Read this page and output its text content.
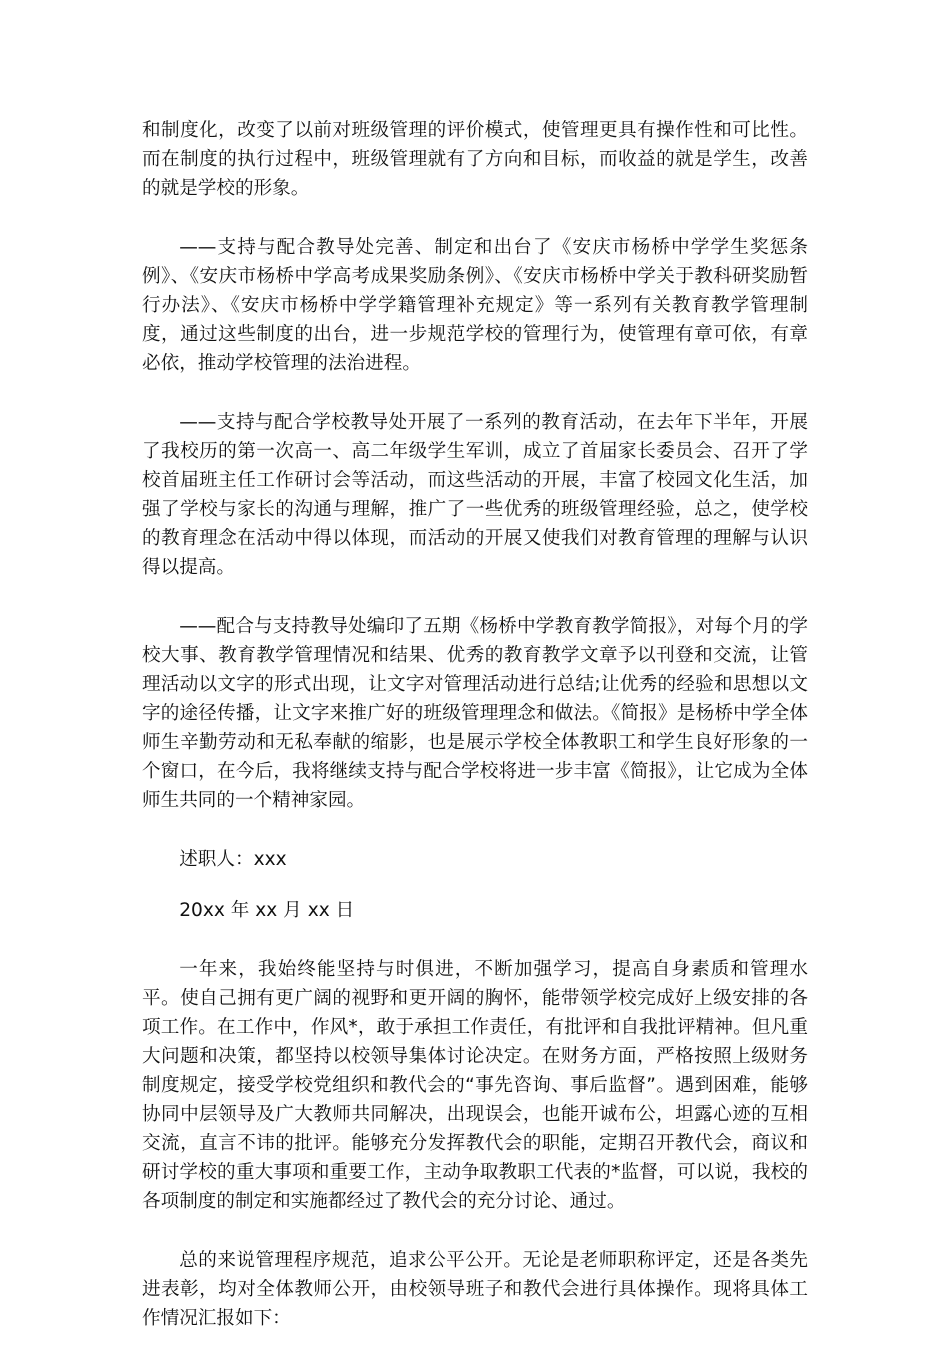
和制度化，改变了以前对班级管理的评价模式，使管理更具有操作性和可比性。而在制度的执行过程中，班级管理就有了方向和目标，而收益的就是学生，改善的就是学校的形象。

——支持与配合教导处完善、制定和出台了《安庆市杨桥中学学生奖惩条例》、《安庆市杨桥中学高考成果奖励条例》、《安庆市杨桥中学关于教科研奖励暂行办法》、《安庆市杨桥中学学籍管理补充规定》等一系列有关教育教学管理制度，通过这些制度的出台，进一步规范学校的管理行为，使管理有章可依，有章必依，推动学校管理的法治进程。

——支持与配合学校教导处开展了一系列的教育活动，在去年下半年，开展了我校历的第一次高一、高二年级学生军训，成立了首届家长委员会、召开了学校首届班主任工作研讨会等活动，而这些活动的开展，丰富了校园文化生活，加强了学校与家长的沟通与理解，推广了一些优秀的班级管理经验，总之，使学校的教育理念在活动中得以体现，而活动的开展又使我们对教育管理的理解与认识得以提高。

——配合与支持教导处编印了五期《杨桥中学教育教学简报》，对每个月的学校大事、教育教学管理情况和结果、优秀的教育教学文章予以刊登和交流，让管理活动以文字的形式出现，让文字对管理活动进行总结;让优秀的经验和思想以文字的途径传播，让文字来推广好的班级管理理念和做法。《简报》是杨桥中学全体师生辛勤劳动和无私奉献的缩影，也是展示学校全体教职工和学生良好形象的一个窗口，在今后，我将继续支持与配合学校将进一步丰富《简报》，让它成为全体师生共同的一个精神家园。

述职人：xxx

20xx 年 xx 月 xx 日

一年来，我始终能坚持与时俱进，不断加强学习，提高自身素质和管理水平。使自己拥有更广阔的视野和更开阔的胸怀，能带领学校完成好上级安排的各项工作。在工作中，作风*，敢于承担工作责任，有批评和自我批评精神。但凡重大问题和决策，都坚持以校领导集体讨论决定。在财务方面，严格按照上级财务制度规定，接受学校党组织和教代会的“事先咨询、事后监督”。遇到困难，能够协同中层领导及广大教师共同解决，出现误会，也能开诚布公，坦露心迹的互相交流，直言不讳的批评。能够充分发挥教代会的职能，定期召开教代会，商议和研讨学校的重大事项和重要工作，主动争取教职工代表的*监督，可以说，我校的各项制度的制定和实施都经过了教代会的充分讨论、通过。

总的来说管理程序规范，追求公平公开。无论是老师职称评定，还是各类先进表彰，均对全体教师公开，由校领导班子和教代会进行具体操作。现将具体工作情况汇报如下：
